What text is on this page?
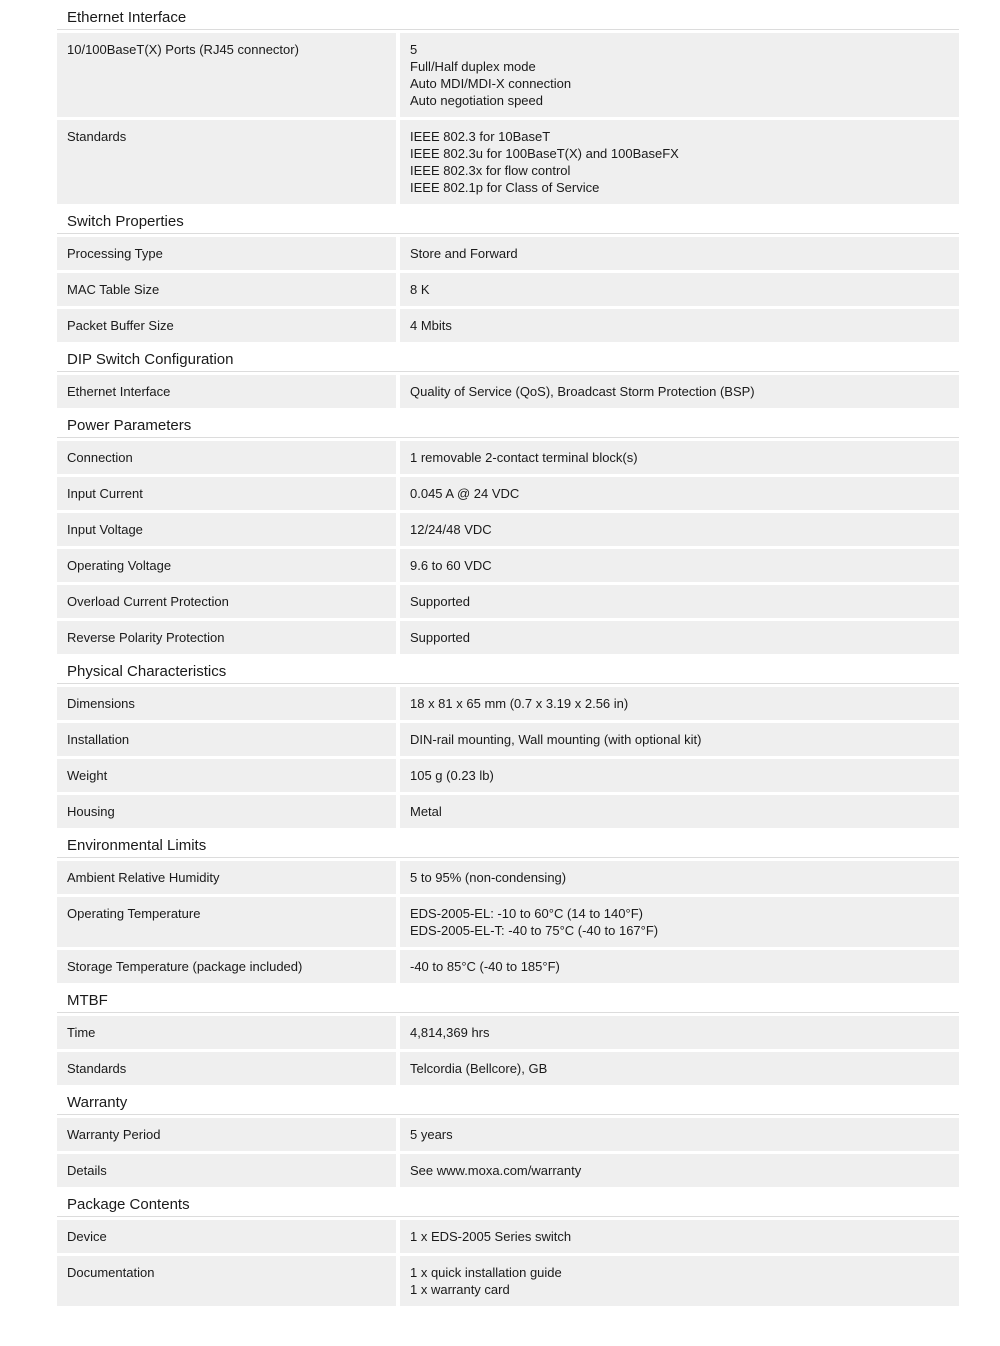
Ethernet Interface
10/100BaseT(X) Ports (RJ45 connector)	5
Full/Half duplex mode
Auto MDI/MDI-X connection
Auto negotiation speed
Standards	IEEE 802.3 for 10BaseT
IEEE 802.3u for 100BaseT(X) and 100BaseFX
IEEE 802.3x for flow control
IEEE 802.1p for Class of Service
Switch Properties
Processing Type	Store and Forward
MAC Table Size	8 K
Packet Buffer Size	4 Mbits
DIP Switch Configuration
Ethernet Interface	Quality of Service (QoS), Broadcast Storm Protection (BSP)
Power Parameters
Connection	1 removable 2-contact terminal block(s)
Input Current	0.045 A @ 24 VDC
Input Voltage	12/24/48 VDC
Operating Voltage	9.6 to 60 VDC
Overload Current Protection	Supported
Reverse Polarity Protection	Supported
Physical Characteristics
Dimensions	18 x 81 x 65 mm (0.7 x 3.19 x 2.56 in)
Installation	DIN-rail mounting, Wall mounting (with optional kit)
Weight	105 g (0.23 lb)
Housing	Metal
Environmental Limits
Ambient Relative Humidity	5 to 95% (non-condensing)
Operating Temperature	EDS-2005-EL: -10 to 60°C (14 to 140°F)
EDS-2005-EL-T: -40 to 75°C (-40 to 167°F)
Storage Temperature (package included)	-40 to 85°C (-40 to 185°F)
MTBF
Time	4,814,369 hrs
Standards	Telcordia (Bellcore), GB
Warranty
Warranty Period	5 years
Details	See www.moxa.com/warranty
Package Contents
Device	1 x EDS-2005 Series switch
Documentation	1 x quick installation guide
1 x warranty card
